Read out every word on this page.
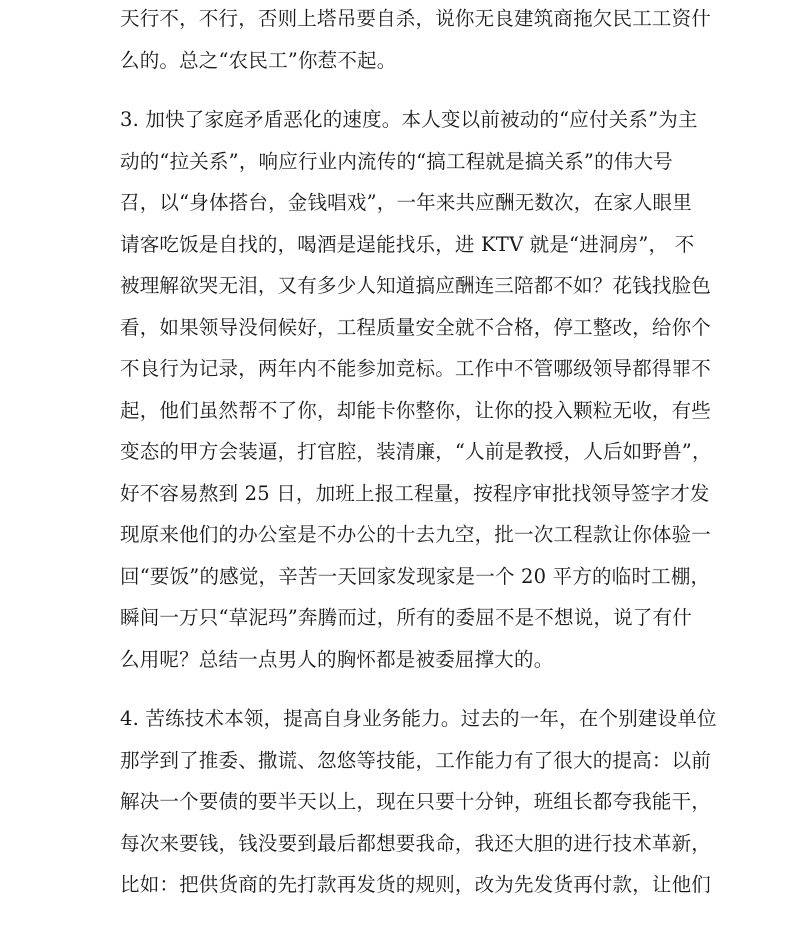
天行不，不行，否则上塔吊要自杀，说你无良建筑商拖欠民工工资什
么的。总之“农民工”你惹不起。
3. 加快了家庭矛盾恶化的速度。本人变以前被动的“应付关系”为主
动的“拉关系”，响应行业内流传的“搞工程就是搞关系”的伟大号
召，以“身体搭台，金钱唱戏”，一年来共应酬无数次，在家人眼里
请客吃饭是自找的，喝酒是逞能找乐，进 KTV 就是“进洞房”， 不
被理解欲哭无泪，又有多少人知道搞应酬连三陪都不如？花钱找脸色
看，如果领导没伺候好，工程质量安全就不合格，停工整改，给你个
不良行为记录，两年内不能参加竞标。工作中不管哪级领导都得罪不
起，他们虽然帮不了你，却能卡你整你，让你的投入颗粒无收，有些
变态的甲方会装逼，打官腔，装清廉，“人前是教授，人后如野兽”，
好不容易熬到 25 日，加班上报工程量，按程序审批找领导签字才发
现原来他们的办公室是不办公的十去九空，批一次工程款让你体验一
回“要饭”的感觉，辛苦一天回家发现家是一个 20 平方的临时工棚，
瞬间一万只“草泥玛”奔腾而过，所有的委屈不是不想说，说了有什
么用呢？总结一点男人的胸怀都是被委屈撑大的。
4. 苦练技术本领，提高自身业务能力。过去的一年，在个别建设单位
那学到了推委、撒谎、忽悠等技能，工作能力有了很大的提高：以前
解决一个要债的要半天以上，现在只要十分钟，班组长都夸我能干，
每次来要钱，钱没要到最后都想要我命，我还大胆的进行技术革新，
比如：把供货商的先打款再发货的规则，改为先发货再付款，让他们
